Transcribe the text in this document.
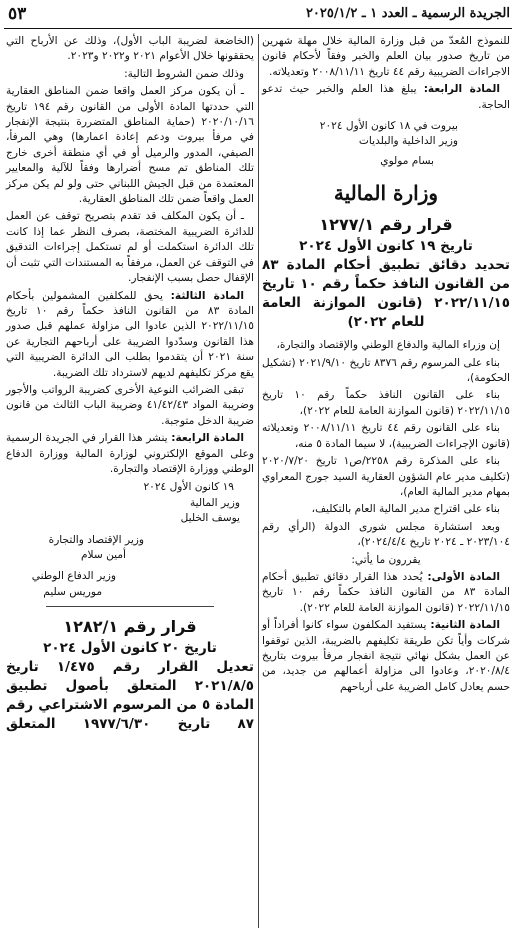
الجريدة الرسمية ـ العدد ١ ـ ٢٠٢٥/١/٢
٥٣

للنموذج المُعدّ من قبل وزارة المالية خلال مهلة شهرين من تاريخ صدور بيان العلم والخبر وفقاً لأحكام قانون الاجراءات الضريبية رقم ٤٤ تاريخ ٢٠٠٨/١١/١١ وتعديلاته.

المادة الرابعة: يبلغ هذا العلم والخبر حيث تدعو الحاجة.

بيروت في ١٨ كانون الأول ٢٠٢٤

وزير الداخلية والبلديات

بسام مولوي

وزارة المالية

قرار رقم ١٢٧٧/١

تاريخ ١٩ كانون الأول ٢٠٢٤

تحديد دقائق تطبيق أحكام المادة ٨٣ من القانون النافذ حكماً رقم ١٠ تاريخ ٢٠٢٢/١١/١٥ (قانون الموازنة العامة للعام ٢٠٢٢)

إن وزراء المالية والدفاع الوطني والإقتصاد والتجارة،

بناء على المرسوم رقم ٨٣٧٦ تاريخ ٢٠٢١/٩/١٠ (تشكيل الحكومة)،

بناء على القانون النافذ حكماً رقم ١٠ تاريخ ٢٠٢٢/١١/١٥ (قانون الموازنة العامة للعام ٢٠٢٢)،

بناء على القانون رقم ٤٤ تاريخ ٢٠٠٨/١١/١١ وتعديلاته (قانون الإجراءات الضريبية)، لا سيما المادة ٥ منه،

بناء على المذكرة رقم ٢٢٥٨/ص١ تاريخ ٢٠٢٠/٧/٢٠ (تكليف مدير عام الشؤون العقارية السيد جورج المعراوي بمهام مدير المالية العام)،

بناء على اقتراح مدير المالية العام بالتكليف،

وبعد استشارة مجلس شورى الدولة (الرأي رقم ٢٠٢٣/١٠٤ ـ ٢٠٢٤ تاريخ ٢٠٢٤/٤/٤)،

يقررون ما يأتي:

المادة الأولى: يُحدد هذا القرار دقائق تطبيق أحكام المادة ٨٣ من القانون النافذ حكماً رقم ١٠ تاريخ ٢٠٢٢/١١/١٥ (قانون الموازنة العامة للعام ٢٠٢٢).

المادة الثانية: يستفيد المكلفون سواء كانوا أفراداً أو شركات وأياً تكن طريقة تكليفهم بالضريبة، الذين توقفوا عن العمل بشكل نهائي نتيجة انفجار مرفأ بيروت بتاريخ ٢٠٢٠/٨/٤، وعادوا الى مزاولة أعمالهم من جديد، من حسم يعادل كامل الضريبة على أرباحهم

(الخاضعة لضريبة الباب الأول)، وذلك عن الأرباح التي يحققونها خلال الأعوام ٢٠٢١ و٢٠٢٢ و٢٠٢٣.

وذلك ضمن الشروط التالية:

ـ أن يكون مركز العمل واقعا ضمن المناطق العقارية التي حددتها المادة الأولى من القانون رقم ١٩٤ تاريخ ٢٠٢٠/١٠/١٦ (حماية المناطق المتضررة بنتيجة الإنفجار في مرفأ بيروت ودعم إعادة اعمارها) وهي المرفأ، الصيفي، المدور والرميل أو في أي منطقة أخرى خارج تلك المناطق تم مسح أضرارها وفقاً للآلية والمعايير المعتمدة من قبل الجيش اللبناني حتى ولو لم يكن مركز العمل واقعاً ضمن تلك المناطق العقارية.

ـ أن يكون المكلف قد تقدم بتصريح توقف عن العمل للدائرة الضريبية المختصة، بصرف النظر عما إذا كانت تلك الدائرة استكملت أو لم تستكمل إجراءات التدقيق في التوقف عن العمل، مرفقاً به المستندات التي تثبت أن الإقفال حصل بسبب الإنفجار.

المادة الثالثة: يحق للمكلفين المشمولين بأحكام المادة ٨٣ من القانون النافذ حكماً رقم ١٠ تاريخ ٢٠٢٢/١١/١٥ الذين عادوا الى مزاولة عملهم قبل صدور هذا القانون وسدّدوا الضريبة على أرباحهم التجارية عن سنة ٢٠٢١ أن يتقدموا بطلب الى الدائرة الضريبية التي يقع مركز تكليفهم لديهم لاسترداد تلك الضريبة.

تبقى الضرائب النوعية الأخرى كضريبة الرواتب والأجور وضريبة المواد ٤١/٤٢/٤٣ وضريبة الباب الثالث من قانون ضريبة الدخل متوجبة.

المادة الرابعة: ينشر هذا القرار في الجريدة الرسمية وعلى الموقع الإلكتروني لوزارة المالية ووزارة الدفاع الوطني ووزارة الإقتصاد والتجارة.

١٩ كانون الأول ٢٠٢٤

وزير المالية

يوسف الخليل

وزير الإقتصاد والتجارة

أمين سلام

وزير الدفاع الوطني

موريس سليم

قرار رقم ١٢٨٢/١

تاريخ ٢٠ كانون الأول ٢٠٢٤

تعديل القرار رقم ١/٤٧٥ تاريخ ٢٠٢١/٨/٥ المتعلق بأصول تطبيق المادة ٥ من المرسوم الاشتراعي رقم ٨٧ تاريخ ١٩٧٧/٦/٣٠ المتعلق
